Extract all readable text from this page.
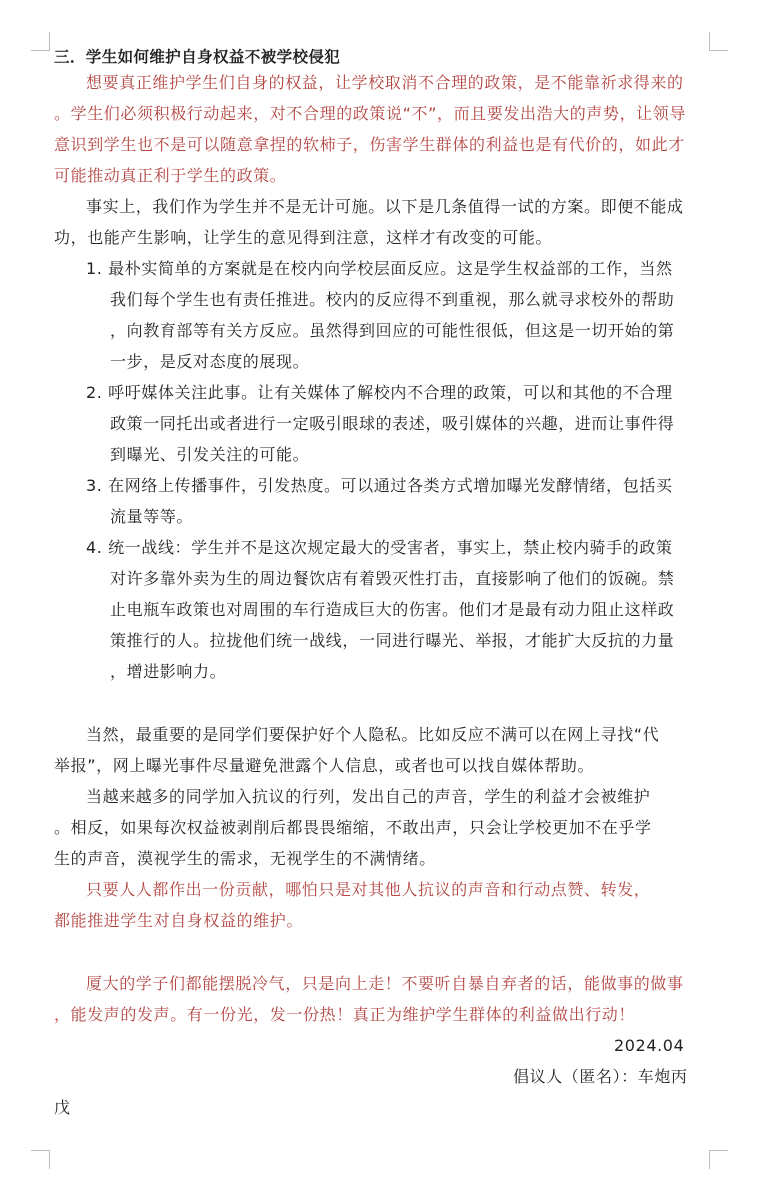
三．学生如何维护自身权益不被学校侵犯
想要真正维护学生们自身的权益，让学校取消不合理的政策，是不能靠祈求得来的
。学生们必须积极行动起来，对不合理的政策说“不”，而且要发出浩大的声势，让领导
意识到学生也不是可以随意拿捏的软柿子，伤害学生群体的利益也是有代价的，如此才
可能推动真正利于学生的政策。
事实上，我们作为学生并不是无计可施。以下是几条值得一试的方案。即便不能成
功，也能产生影响，让学生的意见得到注意，这样才有改变的可能。
1. 最朴实简单的方案就是在校内向学校层面反应。这是学生权益部的工作，当然
我们每个学生也有责任推进。校内的反应得不到重视，那么就寻求校外的帮助
，向教育部等有关方反应。虽然得到回应的可能性很低，但这是一切开始的第
一步，是反对态度的展现。
2. 呼吁媒体关注此事。让有关媒体了解校内不合理的政策，可以和其他的不合理
政策一同托出或者进行一定吸引眼球的表述，吸引媒体的兴趣，进而让事件得
到曝光、引发关注的可能。
3. 在网络上传播事件，引发热度。可以通过各类方式增加曝光发酵情绪，包括买
流量等等。
4. 统一战线：学生并不是这次规定最大的受害者，事实上，禁止校内骑手的政策
对许多靠外卖为生的周边餐饮店有着毁灭性打击，直接影响了他们的饭碗。禁
止电瓶车政策也对周围的车行造成巨大的伤害。他们才是最有动力阻止这样政
策推行的人。拉拢他们统一战线，一同进行曝光、举报，才能扩大反抗的力量
，增进影响力。
当然，最重要的是同学们要保护好个人隐私。比如反应不满可以在网上寻找“代
举报”，网上曝光事件尽量避免泄露个人信息，或者也可以找自媒体帮助。
当越来越多的同学加入抗议的行列，发出自己的声音，学生的利益才会被维护
。相反，如果每次权益被剥削后都畏畏缩缩，不敢出声，只会让学校更加不在乎学
生的声音，漠视学生的需求，无视学生的不满情绪。
只要人人都作出一份贡献，哪怕只是对其他人抗议的声音和行动点赞、转发，
都能推进学生对自身权益的维护。
厦大的学子们都能摆脱冷气，只是向上走！不要听自暴自弃者的话，能做事的做事
，能发声的发声。有一份光，发一份热！真正为维护学生群体的利益做出行动！
2024.04
倡议人（匿名）：车炮丙
戊
